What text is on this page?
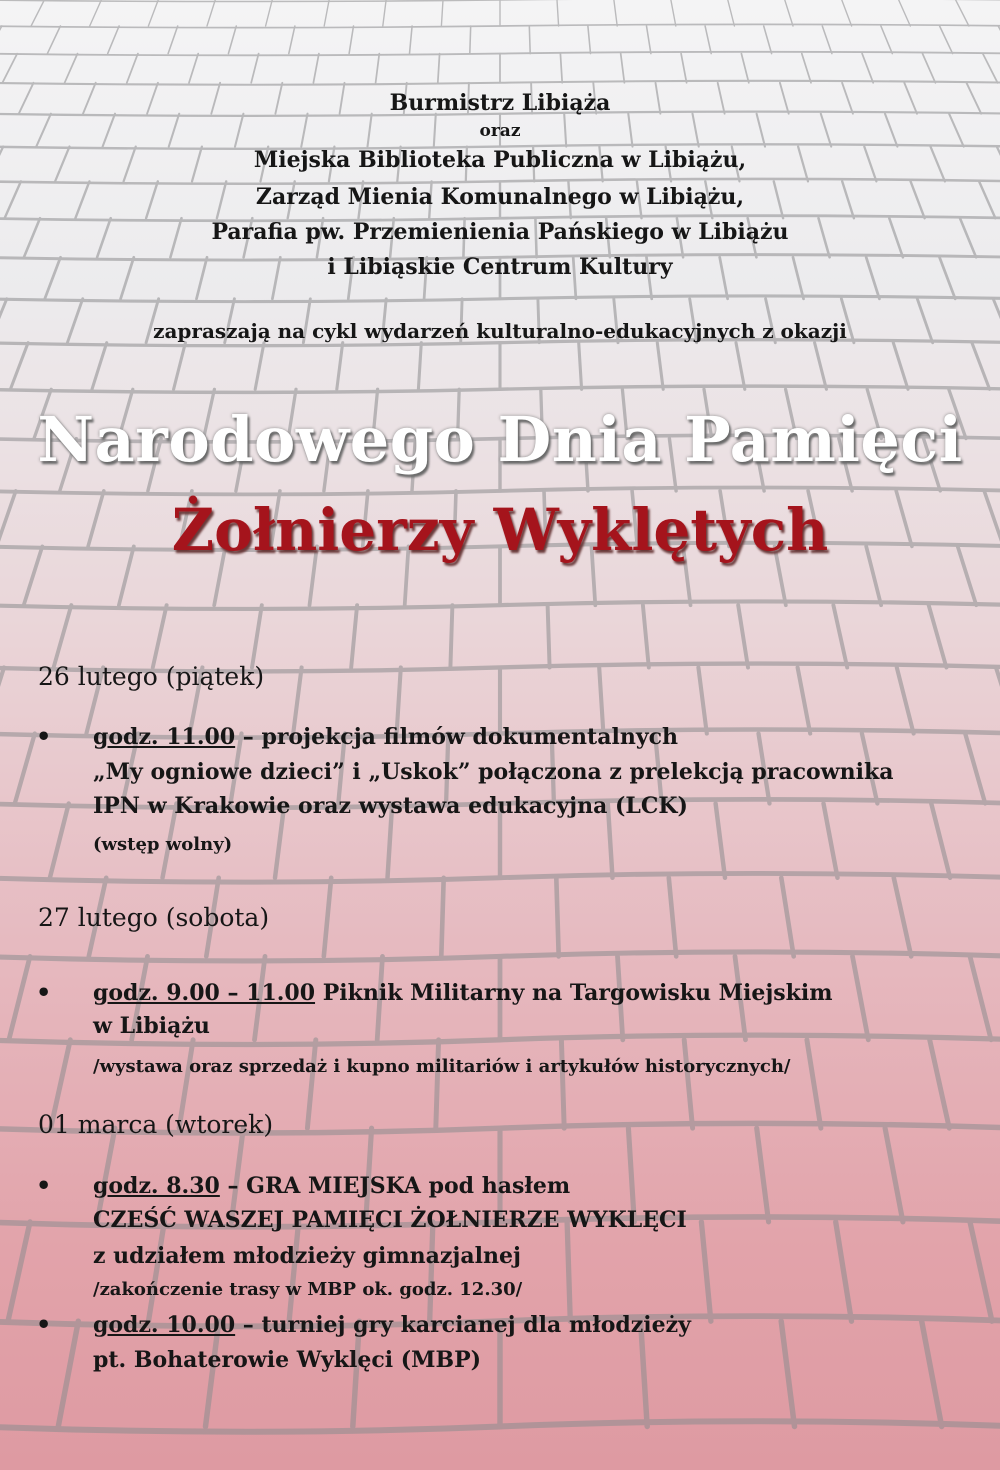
Burmistrz Libiąża
oraz
Miejska Biblioteka Publiczna w Libiążu,
Zarząd Mienia Komunalnego w Libiążu,
Parafia pw. Przemienienia Pańskiego w Libiążu
i Libiąskie Centrum Kultury
zapraszają na cykl wydarzeń kulturalno-edukacyjnych z okazji
Narodowego Dnia Pamięci
Żołnierzy Wyklętych
26 lutego (piątek)
• godz. 11.00 – projekcja filmów dokumentalnych
„My ogniowe dzieci” i „Uskok” połączona z prelekcją pracownika
IPN w Krakowie oraz wystawa edukacyjna (LCK)
(wstęp wolny)
27 lutego (sobota)
• godz. 9.00 – 11.00 Piknik Militarny na Targowisku Miejskim
w Libiążu
/wystawa oraz sprzedaż i kupno militariów i artykułów historycznych/
01 marca (wtorek)
• godz. 8.30 – GRA MIEJSKA pod hasłem
CZEŚĆ WASZEJ PAMIĘCI ŻOŁNIERZE WYKLĘCI
z udziałem młodzieży gimnazjalnej
/zakończenie trasy w MBP ok. godz. 12.30/
• godz. 10.00 – turniej gry karcianej dla młodzieży
pt. Bohaterowie Wyklęci (MBP)
